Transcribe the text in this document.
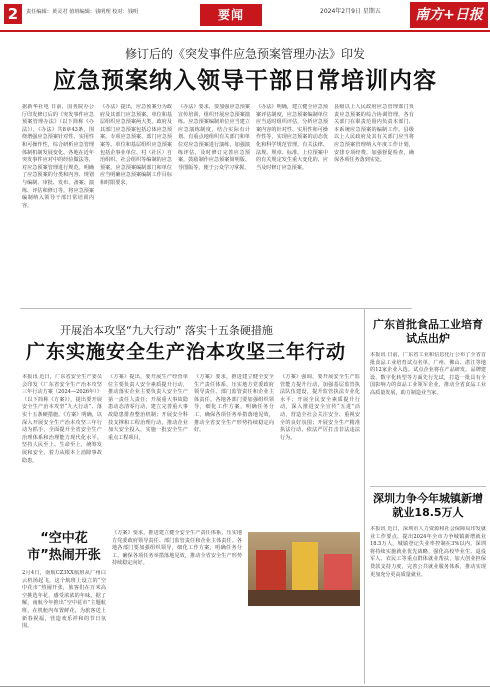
2	责任编辑：黄灵君 值班编辑：钱明理 校对：钱明	要闻	2024年2月9日 星期五	南方+日报
修订后的《突发事件应急预案管理办法》印发
应急预案纳入领导干部日常培训内容
据新华社电 日前，国务院办公厅印发修订后的《突发事件应急预案管理办法》（以下简称《办法》），《办法》共8章43条，围绕增强应急预案针对性、实用性和可操作性，综合研析应急管理体制机制发展变化、各地在近年突发事件应对中的经验做法等，对应急预案管理进行规范。明确了应急预案的分类和内容、规划与编制、审批、发布、备案、演练、评估和修订等。将应急预案编制纳入领导干部日常培训内容。
《办法》提出，应急预案分为政府及其部门应急预案、单位和基层组织应急预案两大类。政府及其部门应急预案包括总体应急预案、专项应急预案、部门应急预案等。单位和基层组织应急预案包括企事业单位、村（社区）自治组织、社会组织等编制的应急预案。应急预案编制部门和单位应当明确应急预案编制工作目标和时限要求。
《办法》要求，要加强应急预案宣传培训，组织开展应急预案演练。应急预案编制单位应当建立应急演练制度，结合实际有计划、有重点地组织有关部门和单位对应急预案进行演练，加强演练评估，及时修订完善应急预案。鼓励制作应急预案简明版、导图版等，便于公众学习掌握。
《办法》明确，建立健全应急预案评估制度，应急预案编制单位应当适时组织评估，分析应急预案内容的针对性、实用性和可操作性等，实现应急预案的动态优化和科学规范管理。有关法律、法规、规章、标准、上位预案中的有关规定发生重大变化的，应当及时修订应急预案。
县级以上人民政府应急管理部门负责应急预案的综合协调管理，各有关部门在职责范围内负责本部门、本系统应急预案的编制工作。县级以上人民政府及其有关部门应当将应急预案管理纳入年度工作计划，安排专项经费，加强督促检查，确保各项任务落到实处。
开展治本攻坚“九大行动” 落实十五条硬措施
广东实施安全生产治本攻坚三年行动
本报讯 近日，广东省安全生产委员会印发《广东省安全生产治本攻坚三年行动方案（2024—2026年）》（以下简称《方案》），提出要开展安全生产治本攻坚“九大行动”、落实十五条硬措施。《方案》明确，以深入开展安全生产治本攻坚三年行动为抓手，全面提升全省安全生产治理体系和治理能力现代化水平。坚持人民至上、生命至上，统筹发展和安全，着力从根本上消除事故隐患。
《方案》提出，要开展生产经营单位主要负责人安全素质提升行动，推动落实企业主要负责人安全生产第一责任人责任；开展重大事故隐患动态清零行动，建立完善重大事故隐患排查整治机制；开展安全科技支撑和工程治理行动，推动企业加大安全投入，实施一批安全生产重点工程项目。
《方案》要求，推进建立健全安全生产责任体系，压实地方党委政府领导责任、部门监管责任和企业主体责任。各地各部门要加强组织领导，细化工作方案，明确任务分工，确保各项任务举措落地见效，推动全省安全生产形势持续稳定向好。
《方案》强调，要开展安全生产监管能力提升行动，加强基层监管执法队伍建设，提升监管执法专业化水平；开展全民安全素质提升行动，深入推进安全宣传“五进”活动，营造全社会关注安全、重视安全的良好氛围；开展安全生产精准执法行动，依法严厉打击非法违法行为。
“空中花市”热闹开张
2月4日，南航CZ3XX航班从广州白云机场起飞，这个航班上设立的“空中花市”热闹开张，旅客们在万米高空挑选年花，感受浓浓的年味。据了解，南航今年推出“空中花市”主题航班，在机舱内布置鲜花，为旅客送上新春祝福，营造欢乐祥和的节日氛围。
《方案》要求，推进建立健全安全生产责任体系，压实地方党委政府领导责任、部门监管责任和企业主体责任。各地各部门要加强组织领导，细化工作方案，明确任务分工，确保各项任务举措落地见效，推动全省安全生产形势持续稳定向好。
广东首批食品工业培育试点出炉
本报讯 日前，广东省工业和信息化厅公布了全省首批食品工业培育试点名单，广州、佛山、湛江等地的12家企业入选。试点企业将在产品研发、品牌建设、数字化转型等方面先行先试，打造一批具有全国影响力的食品工业领军企业，推动全省食品工业高质量发展，助力制造业当家。
深圳力争今年城镇新增就业18.5万人
本报讯 近日，深圳市人力资源和社会保障局印发就业工作要点，提出2024年全市力争城镇新增就业18.5万人，城镇登记失业率控制在3%以内。深圳将持续实施就业优先战略，强化高校毕业生、退役军人、农民工等重点群体就业帮扶，加大创业担保贷款支持力度，完善公共就业服务体系，推动实现更加充分更高质量就业。
